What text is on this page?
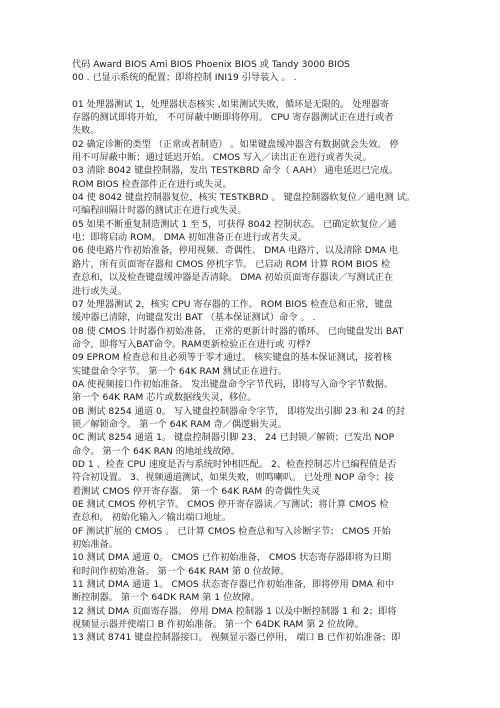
代码 Award BIOS Ami BIOS Phoenix BIOS 或 Tandy 3000 BIOS
00 . 已显示系统的配置；即将控制 INI19 引导装入 。 .
01 处理器测试 1，处理器状态核实 ,如果测试失败，循环是无限的。 处理器寄
存器的测试即将开始， 不可屏蔽中断即将停用。 CPU 寄存器测试正在进行或者
失败。
02 确定诊断的类型 （正常或者制造） 。如果键盘缓冲器含有数据就会失效。 停
用不可屏蔽中断；通过延迟开始。 CMOS 写入／读出正在进行或者失灵。
03 清除 8042 键盘控制器，发出 TESTKBRD 命令（ AAH） 通电延迟已完成。
ROM BIOS 检查部件正在进行或失灵。
04 使 8042 键盘控制器复位，核实 TESTKBRD 。 键盘控制器软复位／通电测 试。
可编程间隔计时器的测试正在进行或失灵。
05 如果不断重复制造测试 1 至 5，可获得 8042 控制状态。 已确定软复位／通
电；即将启动 ROM。 DMA 初如准备正在进行或者失灵。
06 使电路片作初始准备，停用视频、奇偶性、 DMA 电路片，以及清除 DMA 电
路片，所有页面寄存器和 CMOS 停机字节。 已启动 ROM 计算 ROM BIOS 检
查总和，以及检查键盘缓冲器是否清除。 DMA 初始页面寄存器读／写测试正在
进行或失灵。
07 处理器测试 2，核实 CPU 寄存器的工作。 ROM BIOS 检查总和正常，键盘
缓冲器已清除，向键盘发出 BAT （基本保证测试）命令 。 .
08 使 CMOS 计时器作初始准备， 正常的更新计时器的循环。 已向键盘发出 BAT
命令，即将写入BAT命令。RAM更新检验正在进行或 刃桴?
09 EPROM 检查总和且必须等于零才通过。 核实键盘的基本保证测试，接着核
实键盘命令字节。 第一个 64K RAM 测试正在进行。
0A 使视频接口作初始准备。 发出键盘命令字节代码，即将写入命令字节数据。
第一个 64K RAM 芯片或数据线失灵，移位。
0B 测试 8254 通道 0。 写入键盘控制器命令字节， 即将发出引脚 23 和 24 的封
锁／解锁命令。 第一个 64K RAM 奇／偶逻辑失灵。
0C 测试 8254 通道 1。 键盘控制器引脚 23、 24 已封锁／解锁；已发出 NOP
命令。 第一个 64K RAN 的地址线故障。
0D 1 、检查 CPU 速度是否与系统时钟相匹配。 2、检查控制芯片已编程值是否
符合初设置。 3、视频通道测试，如果失败，则鸣喇叭。 已处理 NOP 命令；接
着测试 CMOS 停开寄存器。 第一个 64K RAM 的奇偶性失灵
0E 测试 CMOS 停机字节。 CMOS 停开寄存器读／写测试；将计算 CMOS 检
查总和。 初始化输入／输出端口地址。
0F 测试扩展的 CMOS 。 已计算 CMOS 检查总和写入诊断字节； CMOS 开始
初始准备。
10 测试 DMA 通道 0。 CMOS 已作初始准备， CMOS 状态寄存器即将为日期
和时间作初始准备。 第一个 64K RAM 第 0 位故障。
11 测试 DMA 通道 1。 CMOS 状态寄存器已作初始准备，即将停用 DMA 和中
断控制器。 第一个 64DK RAM 第 1 位故障。
12 测试 DMA 页面寄存器。 停用 DMA 控制器 1 以及中断控制器 1 和 2；即将
视频显示器并使端口 B 作初始准备。 第一个 64DK RAM 第 2 位故障。
13 测试 8741 键盘控制器接口。 视频显示器已停用， 端口 B 已作初始准备；即
